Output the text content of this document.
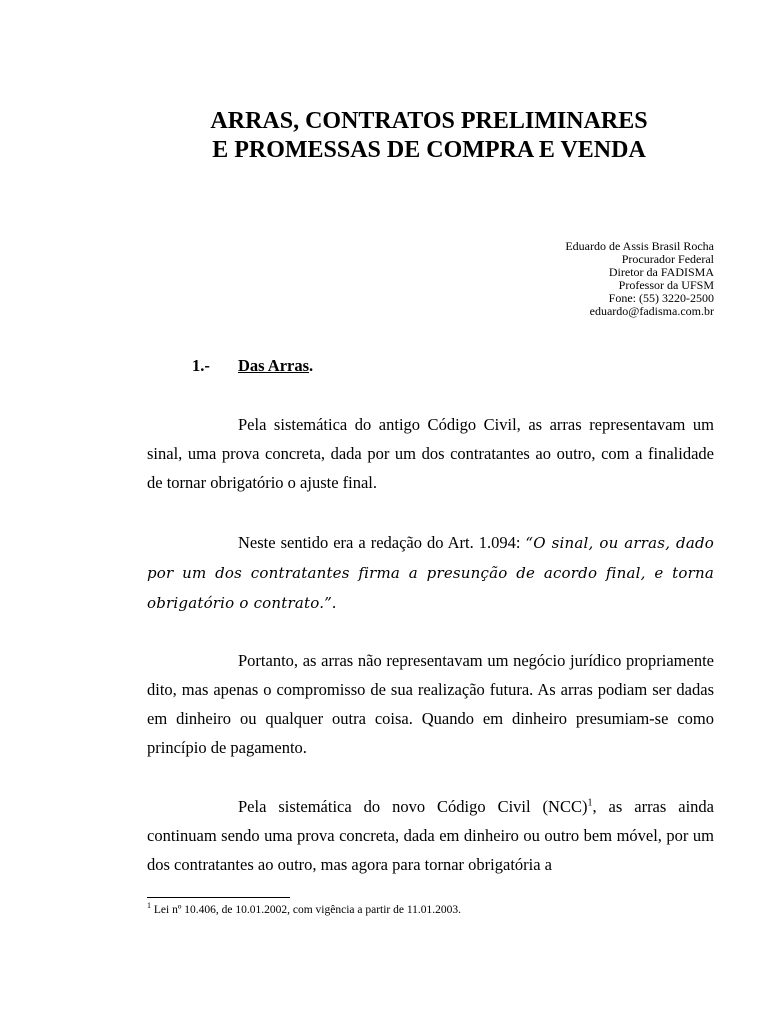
ARRAS, CONTRATOS PRELIMINARES
E PROMESSAS DE COMPRA E VENDA
Eduardo de Assis Brasil Rocha
Procurador Federal
Diretor da FADISMA
Professor da UFSM
Fone: (55) 3220-2500
eduardo@fadisma.com.br
1.- Das Arras.

Pela sistemática do antigo Código Civil, as arras representavam um sinal, uma prova concreta, dada por um dos contratantes ao outro, com a finalidade de tornar obrigatório o ajuste final.

Neste sentido era a redação do Art. 1.094: “O sinal, ou arras, dado por um dos contratantes firma a presunção de acordo final, e torna obrigatório o contrato.”.

Portanto, as arras não representavam um negócio jurídico propriamente dito, mas apenas o compromisso de sua realização futura. As arras podiam ser dadas em dinheiro ou qualquer outra coisa. Quando em dinheiro presumiam-se como princípio de pagamento.

Pela sistemática do novo Código Civil (NCC)$^1$, as arras ainda continuam sendo uma prova concreta, dada em dinheiro ou outro bem móvel, por um dos contratantes ao outro, mas agora para tornar obrigatória a

$^1$ Lei nº 10.406, de 10.01.2002, com vigência a partir de 11.01.2003.
